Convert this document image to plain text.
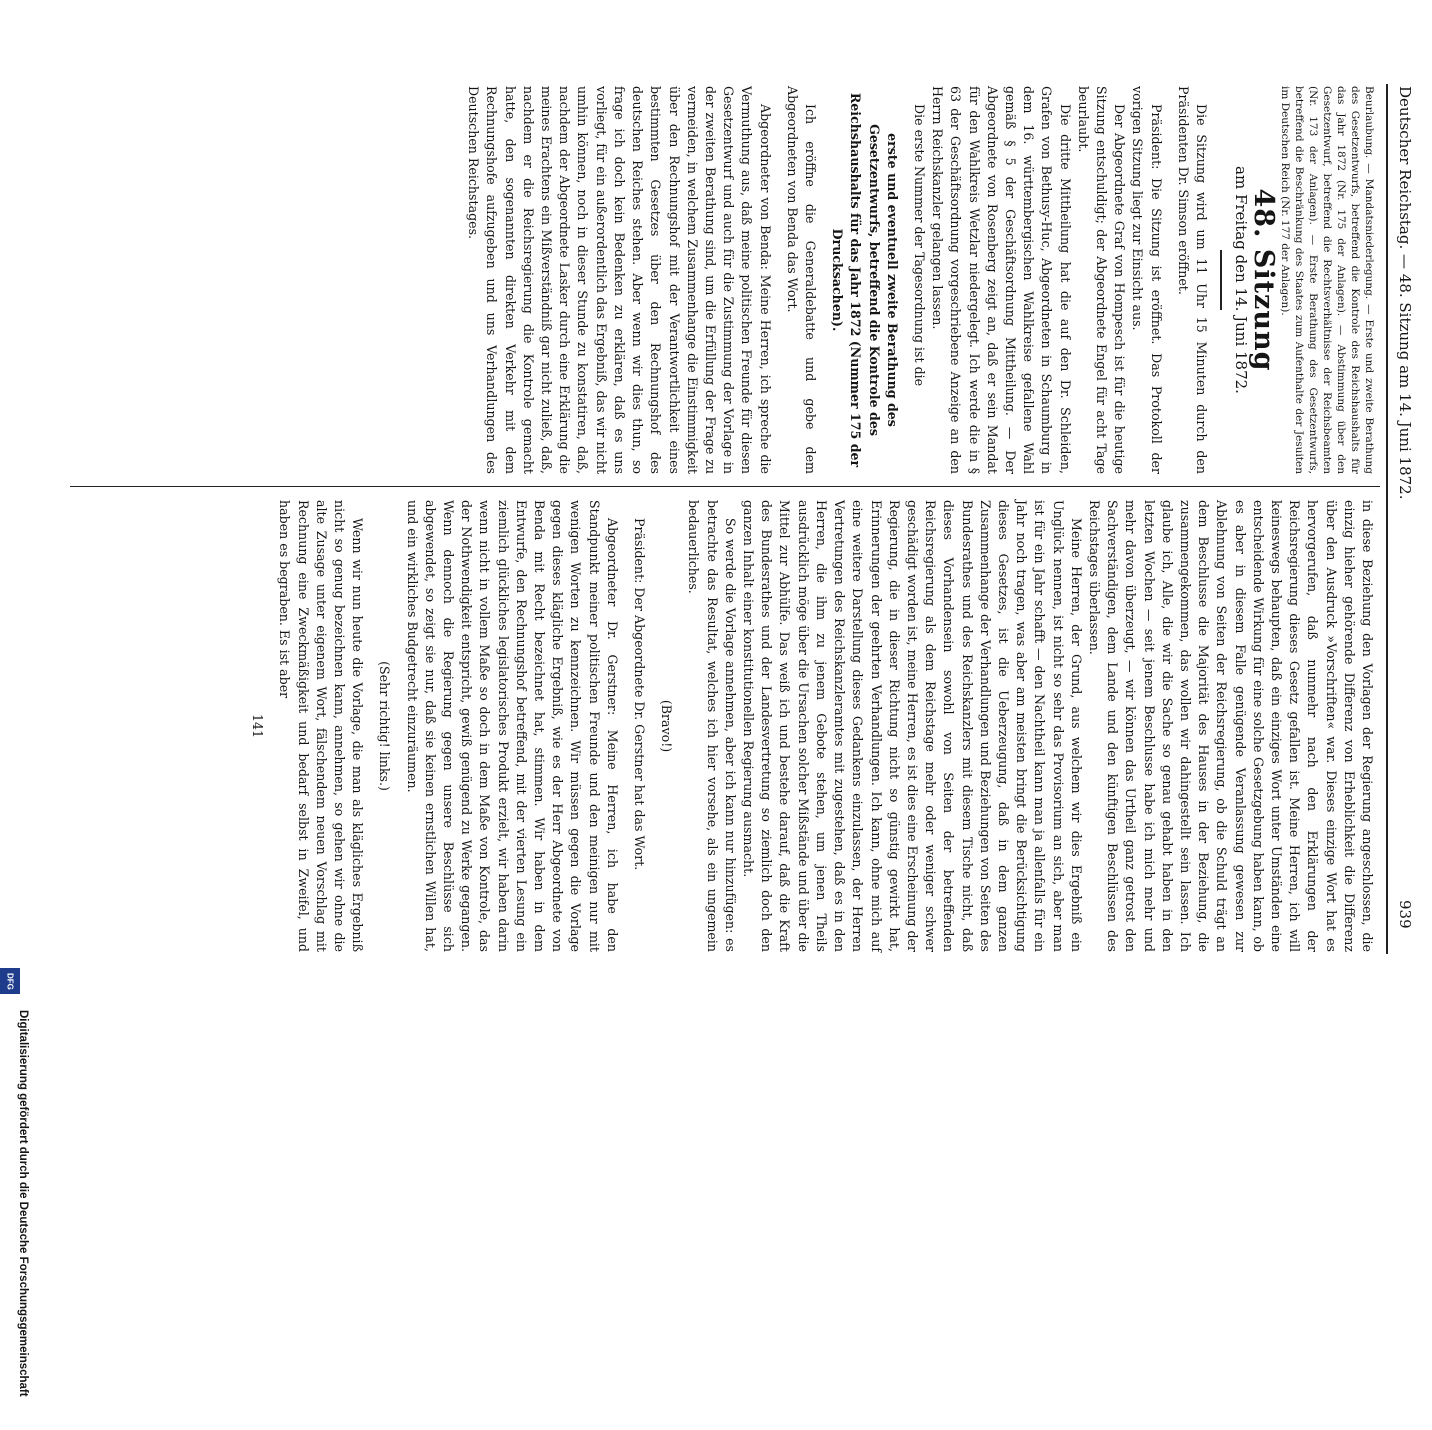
Deutscher Reichstag. — 48. Sitzung am 14. Juni 1872.
939

Beurlaubung. — Mandatsniederlegung. — Erste und zweite Berathung des Gesetzentwurfs, betreffend die Kontrole des Reichshaushalts für das Jahr 1872 (Nr. 175 der Anlagen). — Abstimmung über den Gesetzentwurf, betreffend die Rechtsverhältnisse der Reichsbeamten (Nr. 173 der Anlagen). — Erste Berathung des Gesetzentwurfs, betreffend die Beschränkung des Staates zum Aufenthalte der Jesuiten im Deutschen Reich (Nr. 177 der Anlagen).

48. Sitzung
am Freitag den 14. Juni 1872.

Die Sitzung wird um 11 Uhr 15 Minuten durch den Präsidenten Dr. Simson eröffnet.

Präsident: Die Sitzung ist eröffnet. Das Protokoll der vorigen Sitzung liegt zur Einsicht aus.

Der Abgeordnete Graf von Hompesch ist für die heutige Sitzung entschuldigt; der Abgeordnete Engel für acht Tage beurlaubt.

Die dritte Mittheilung hat die auf den Dr. Schleiden, Grafen von Bethusy-Huc, Abgeordneten in Schaumburg in dem 16. württembergischen Wahlkreise gefallene Wahl gemäß § 5 der Geschäftsordnung Mittheilung. — Der Abgeordnete von Rosenberg zeigt an, daß er sein Mandat für den Wahlkreis Wetzlar niedergelegt. Ich werde die in § 63 der Geschäftsordnung vorgeschriebene Anzeige an den Herrn Reichskanzler gelangen lassen.

Die erste Nummer der Tagesordnung ist die

erste und eventuell zweite Berathung des Gesetzentwurfs, betreffend die Kontrole des Reichshaushalts für das Jahr 1872 (Nummer 175 der Drucksachen).

Ich eröffne die Generaldebatte und gebe dem Abgeordneten von Benda das Wort.

Abgeordneter von Benda: Meine Herren, ich spreche die Vermuthung aus, daß meine politischen Freunde für diesen Gesetzentwurf und auch für die Zustimmung der Vorlage in der zweiten Berathung sind, um die Erfüllung der Frage zu vermeiden, in welchem Zusammenhange die Einstimmigkeit über den Rechnungshof mit der Verantwortlichkeit eines bestimmten Gesetzes über den Rechnungshof des deutschen Reiches stehen. Aber wenn wir dies thun, so frage ich doch kein Bedenken zu erklären, daß es uns vorliegt, für ein außerordentlich das Ergebniß, das wir nicht umhin können, noch in dieser Stunde zu konstatiren, daß, nachdem der Abgeordnete Lasker durch eine Erklärung die meines Erachtens ein Mißverständniß gar nicht zuließ, daß, nachdem er die Reichsregierung die Kontrole gemacht hatte, den sogenannten direkten Verkehr mit dem Rechnungshofe aufzugeben und uns Verhandlungen des Deutschen Reichstages.

in diese Beziehung den Vorlagen der Regierung angeschlossen, die einzig hieher gehörende Differenz von Erheblichkeit die Differenz über den Ausdruck »Vorschriften« war. Dieses einzige Wort hat es hervorgerufen, daß nunmehr nach den Erklärungen der Reichsregierung dieses Gesetz gefallen ist. Meine Herren, ich will keineswegs behaupten, daß ein einziges Wort unter Umständen eine entscheidende Wirkung für eine solche Gesetzgebung haben kann, ob es aber in diesem Falle genügende Veranlassung gewesen zur Ablehnung von Seiten der Reichsregierung, ob die Schuld trägt an dem Beschlusse die Majorität des Hauses in der Beziehung, die zusammengekommen, das wollen wir dahingestellt sein lassen. Ich glaube ich, Alle, die wir die Sache so genau gehabt haben in den letzten Wochen — seit jenem Beschlusse habe ich mich mehr und mehr davon überzeugt, — wir können das Urtheil ganz getrost den Sachverständigen, dem Lande und den künftigen Beschlüssen des Reichstages überlassen.

Meine Herren, der Grund, aus welchem wir dies Ergebniß ein Unglück nennen, ist nicht so sehr das Provisorium an sich, aber man ist für ein Jahr schafft — den Nachtheil kann man ja allenfalls für ein Jahr noch tragen, was aber am meisten bringt die Berücksichtigung dieses Gesetzes, ist die Ueberzeugung, daß in dem ganzen Zusammenhange der Verhandlungen und Beziehungen von Seiten des Bundesrathes und des Reichskanzlers mit diesem Tische nicht, daß dieses Vorhandensein sowohl von Seiten der betreffenden Reichsregierung als dem Reichstage mehr oder weniger schwer geschädigt worden ist, meine Herren, es ist dies eine Erscheinung der Regierung, die in dieser Richtung nicht so günstig gewirkt hat, Erinnerungen der geehrten Verhandlungen. Ich kann, ohne mich auf eine weitere Darstellung dieses Gedankens einzulassen, der Herren Vertretungen des Reichskanzleramtes mit zugestehen, daß es in den Herren, die ihm zu jenem Gebote stehen, um jenen Theils ausdrücklich möge über die Ursachen solcher Mißstände und über die Mittel zur Abhülfe. Das weiß ich und bestehe darauf, daß die Kraft des Bundesrathes und der Landesvertretung so ziemlich doch den ganzen Inhalt einer konstitutionellen Regierung ausmacht.

So werde die Vorlage annehmen, aber ich kann nur hinzufügen: es betrachte das Resultat, welches ich hier vorsehe, als ein ungemein bedauerliches.

(Bravo!)

Präsident: Der Abgeordnete Dr. Gerstner hat das Wort.

Abgeordneter Dr. Gerstner: Meine Herren, ich habe den Standpunkt meiner politischen Freunde und den meinigen nur mit wenigen Worten zu kennzeichnen. Wir müssen gegen die Vorlage gegen dieses klägliche Ergebniß, wie es der Herr Abgeordnete von Benda mit Recht bezeichnet hat, stimmen. Wir haben in dem Entwurfe, den Rechnungshof betreffend, mit der vierten Lesung ein ziemlich glückliches legislatorisches Produkt erzielt, wir haben darin wenn nicht in vollem Maße so doch in dem Maße von Kontrole, das der Nothwendigkeit entspricht, gewiß genügend zu Werke gegangen. Wenn dennoch die Regierung gegen unsere Beschlüsse sich abgewendet, so zeigt sie nur, daß sie keinen ernstlichen Willen hat, und ein wirkliches Budgetrecht einzuräumen.

(Sehr richtig! links.)

Wenn wir nun heute die Vorlage, die man als klägliches Ergebniß nicht so genug bezeichnen kann, annehmen, so gehen wir ohne die alte Zusage unter eigenem Wort, fälschendem neuen Vorschlag mit Rechnung eine Zweckmäßigkeit und bedarf selbst in Zweifel, und haben es begraben. Es ist aber

141

Digitalisierung gefördert durch die Deutsche Forschungsgemeinschaft
DFG
